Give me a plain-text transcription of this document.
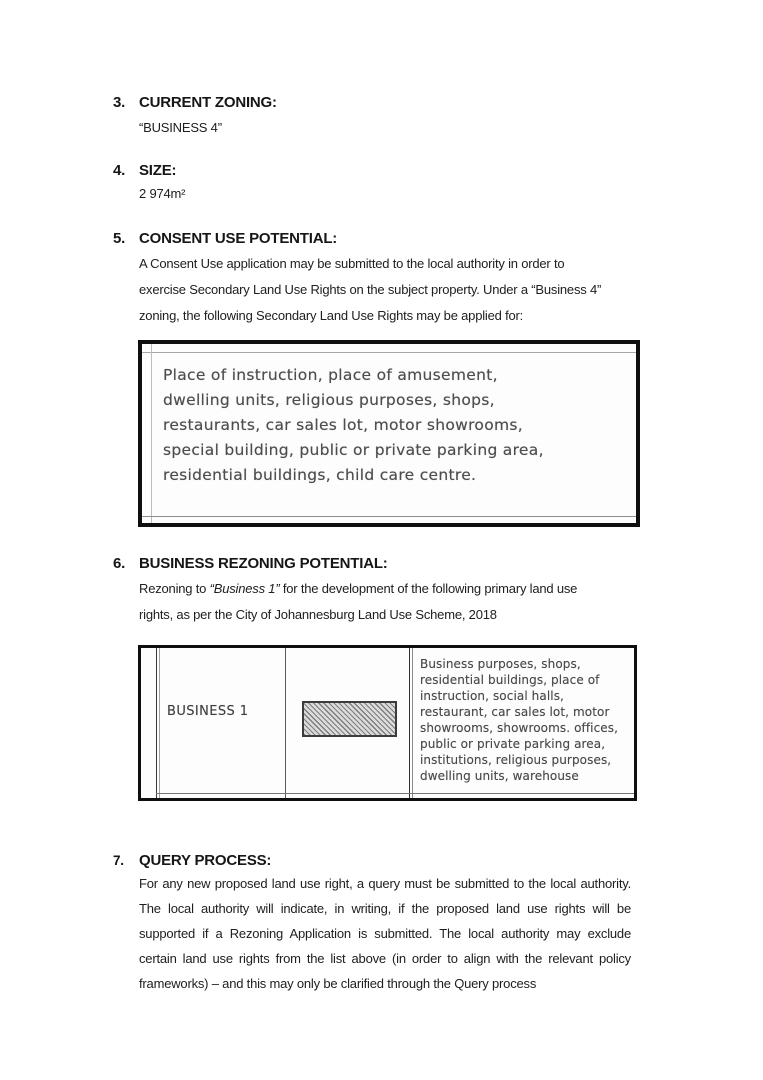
3. CURRENT ZONING:
“BUSINESS 4”
4. SIZE:
2 974m²
5. CONSENT USE POTENTIAL:
A Consent Use application may be submitted to the local authority in order to
exercise Secondary Land Use Rights on the subject property. Under a “Business 4”
zoning, the following Secondary Land Use Rights may be applied for:
Place of instruction, place of amusement,
dwelling units, religious purposes, shops,
restaurants, car sales lot, motor showrooms,
special building, public or private parking area,
residential buildings, child care centre.
6. BUSINESS REZONING POTENTIAL:
Rezoning to “Business 1” for the development of the following primary land use
rights, as per the City of Johannesburg Land Use Scheme, 2018
BUSINESS 1
Business purposes, shops,
residential buildings, place of
instruction, social halls,
restaurant, car sales lot, motor
showrooms, showrooms. offices,
public or private parking area,
institutions, religious purposes,
dwelling units, warehouse
7. QUERY PROCESS:
For any new proposed land use right, a query must be submitted to the local authority.
The local authority will indicate, in writing, if the proposed land use rights will be
supported if a Rezoning Application is submitted. The local authority may exclude
certain land use rights from the list above (in order to align with the relevant policy
frameworks) – and this may only be clarified through the Query process
